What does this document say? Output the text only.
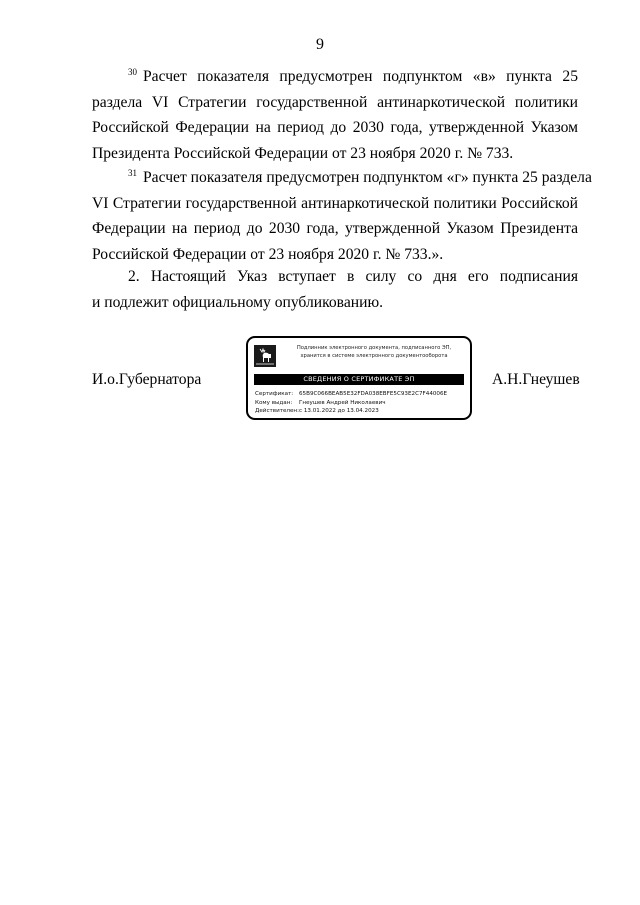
9
$^{30}$ Расчет показателя предусмотрен подпунктом «в» пункта 25
раздела VI Стратегии государственной антинаркотической политики
Российской Федерации на период до 2030 года, утвержденной Указом
Президента Российской Федерации от 23 ноября 2020 г. № 733.
$^{31}$ Расчет показателя предусмотрен подпунктом «г» пункта 25 раздела
VI Стратегии государственной антинаркотической политики Российской
Федерации на период до 2030 года, утвержденной Указом Президента
Российской Федерации от 23 ноября 2020 г. № 733.».
2. Настоящий Указ вступает в силу со дня его подписания
и подлежит официальному опубликованию.
И.о.Губернатора	А.Н.Гнеушев
Подлинник электронного документа, подписанного ЭП,
хранится в системе электронного документооборота
СВЕДЕНИЯ О СЕРТИФИКАТЕ ЭП
Сертификат: 65B9C066BEAB5E32FDA038EBFE5C93E2C7F44006E
Кому выдан: Гнеушев Андрей Николаевич
Действителен:с 13.01.2022 до 13.04.2023
